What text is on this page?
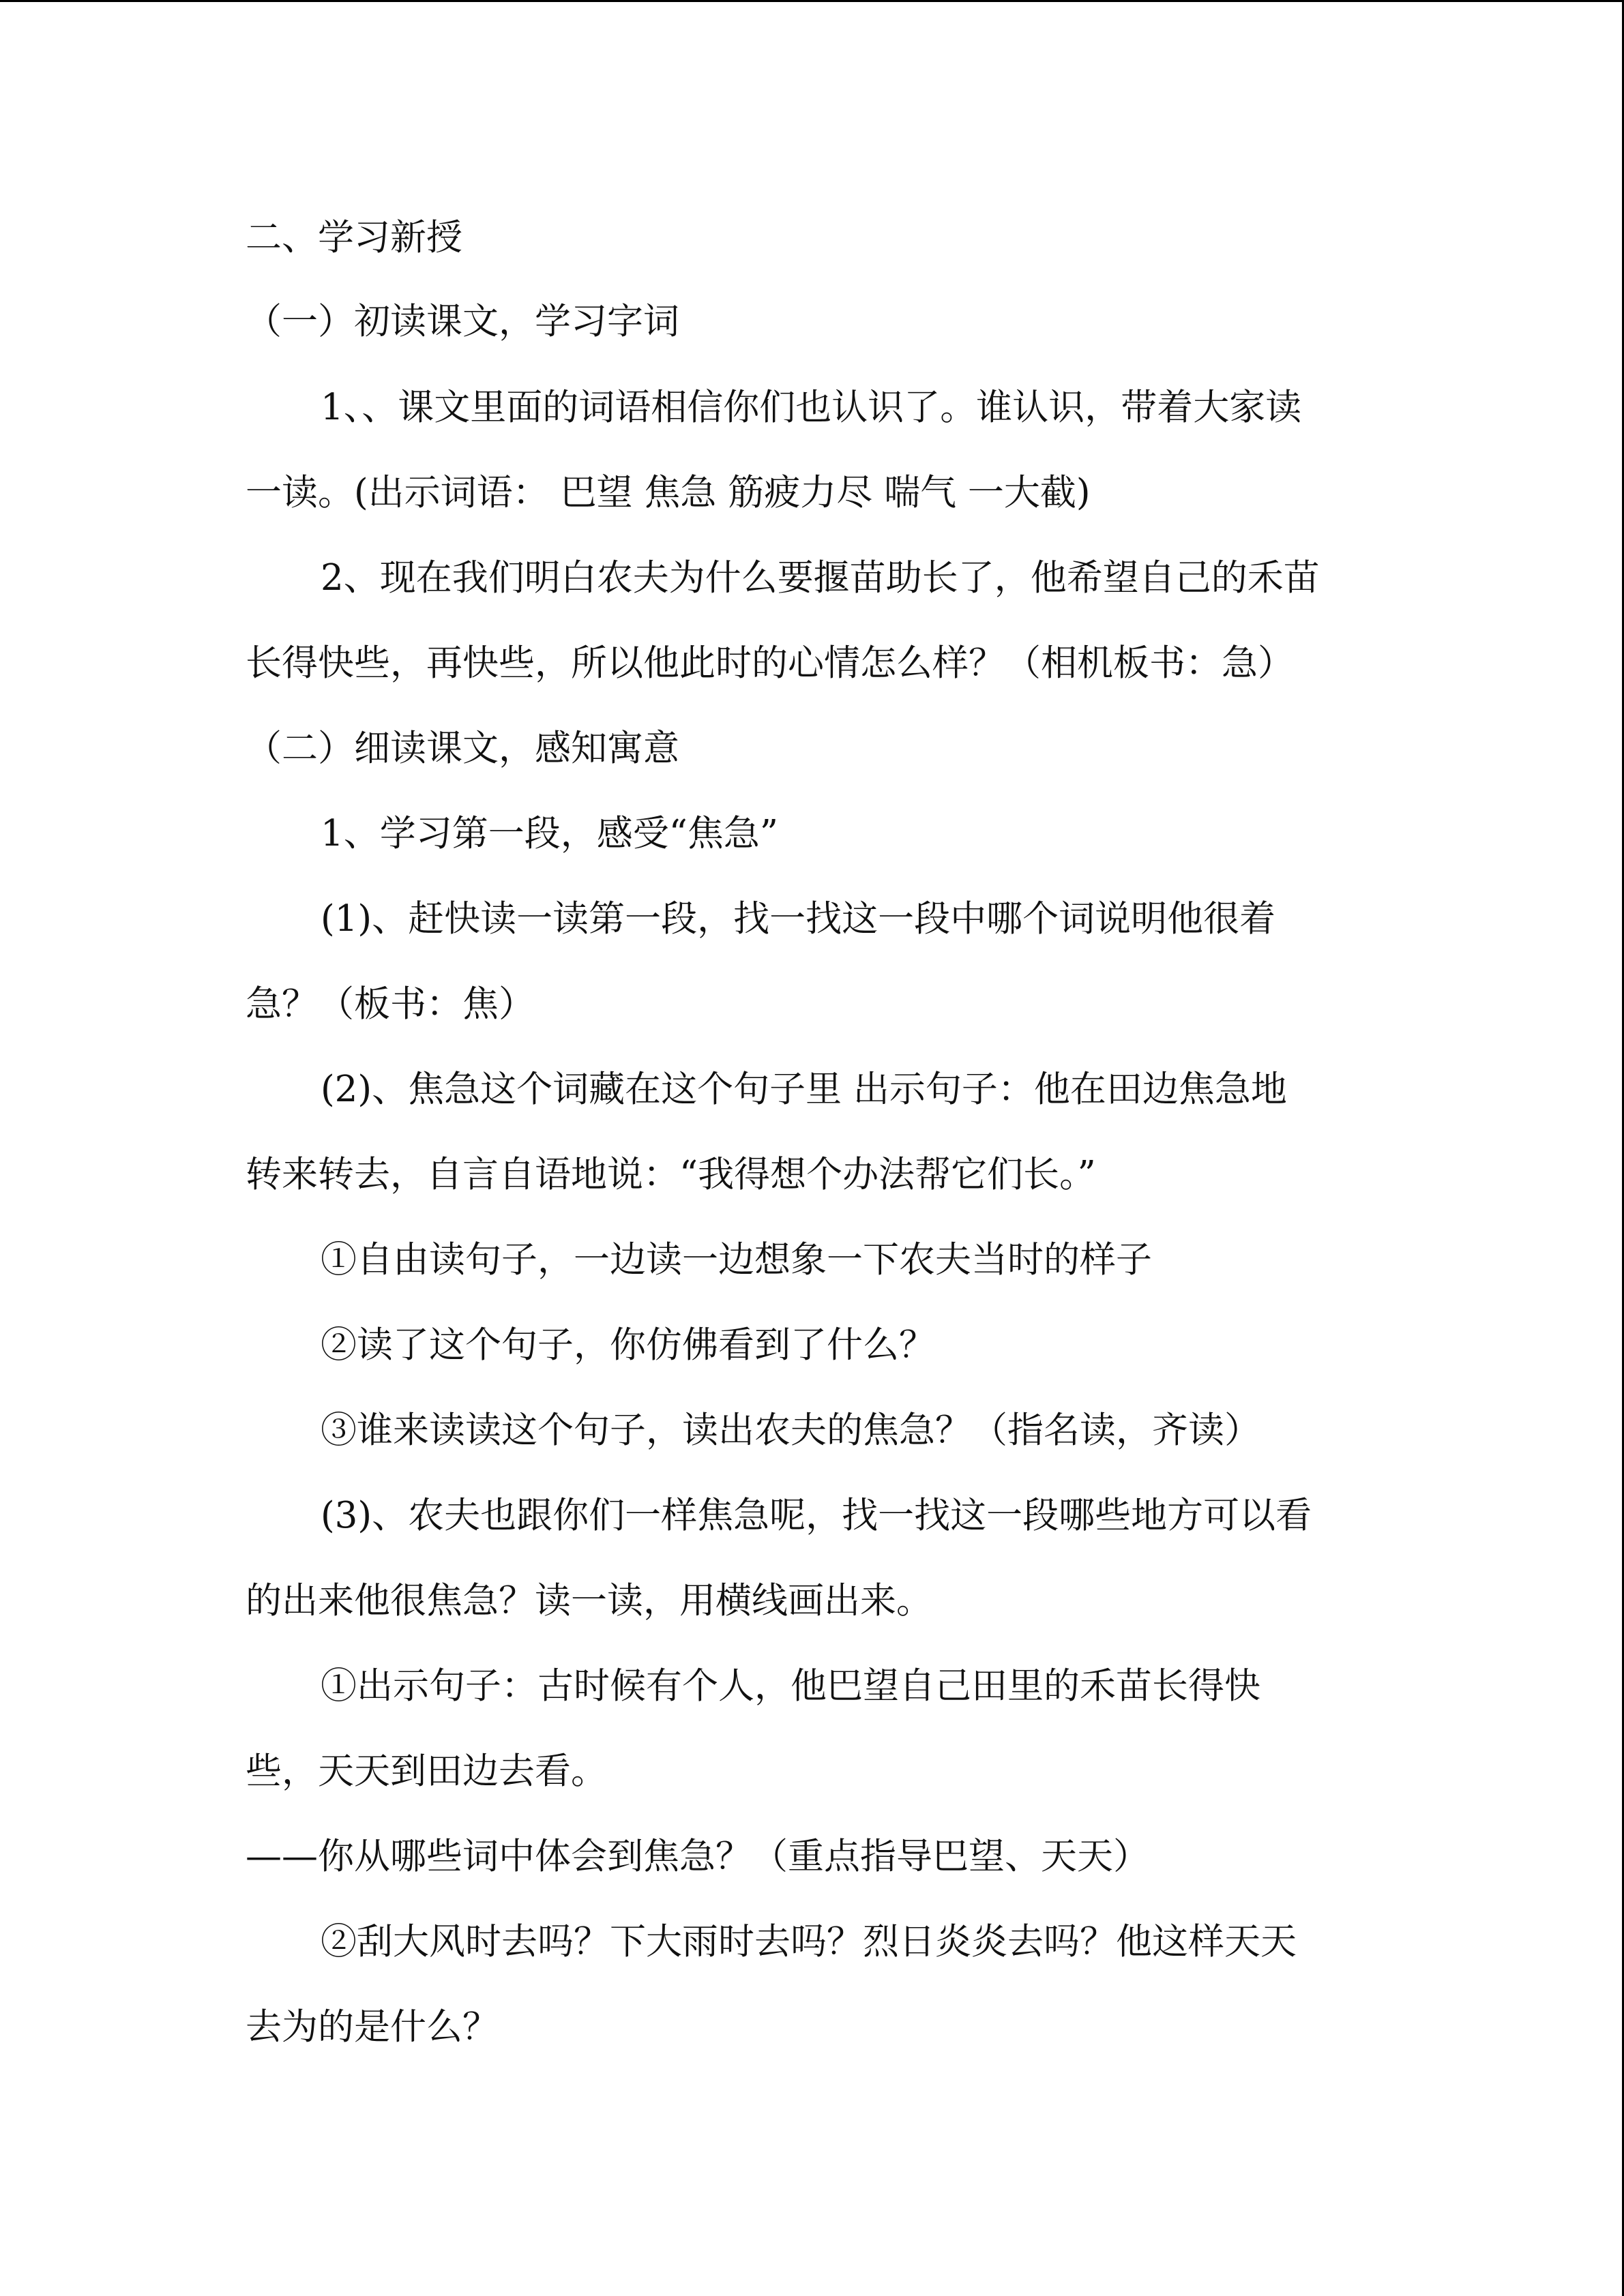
二、学习新授

（一）初读课文，学习字词

1、、课文里面的词语相信你们也认识了。谁认识，带着大家读

一读。(出示词语： 巴望 焦急 筋疲力尽 喘气 一大截)

2、现在我们明白农夫为什么要揠苗助长了，他希望自己的禾苗

长得快些，再快些，所以他此时的心情怎么样？（相机板书：急）

（二）细读课文，感知寓意

1、学习第一段，感受“焦急”

(1)、赶快读一读第一段，找一找这一段中哪个词说明他很着

急？（板书：焦）

(2)、焦急这个词藏在这个句子里 出示句子：他在田边焦急地

转来转去，自言自语地说：“我得想个办法帮它们长。”

①自由读句子，一边读一边想象一下农夫当时的样子

②读了这个句子，你仿佛看到了什么？

③谁来读读这个句子，读出农夫的焦急？（指名读，齐读）

(3)、农夫也跟你们一样焦急呢，找一找这一段哪些地方可以看

的出来他很焦急？读一读，用横线画出来。

①出示句子：古时候有个人，他巴望自己田里的禾苗长得快

些，天天到田边去看。

——你从哪些词中体会到焦急？（重点指导巴望、天天）

②刮大风时去吗？下大雨时去吗？烈日炎炎去吗？他这样天天

去为的是什么？
